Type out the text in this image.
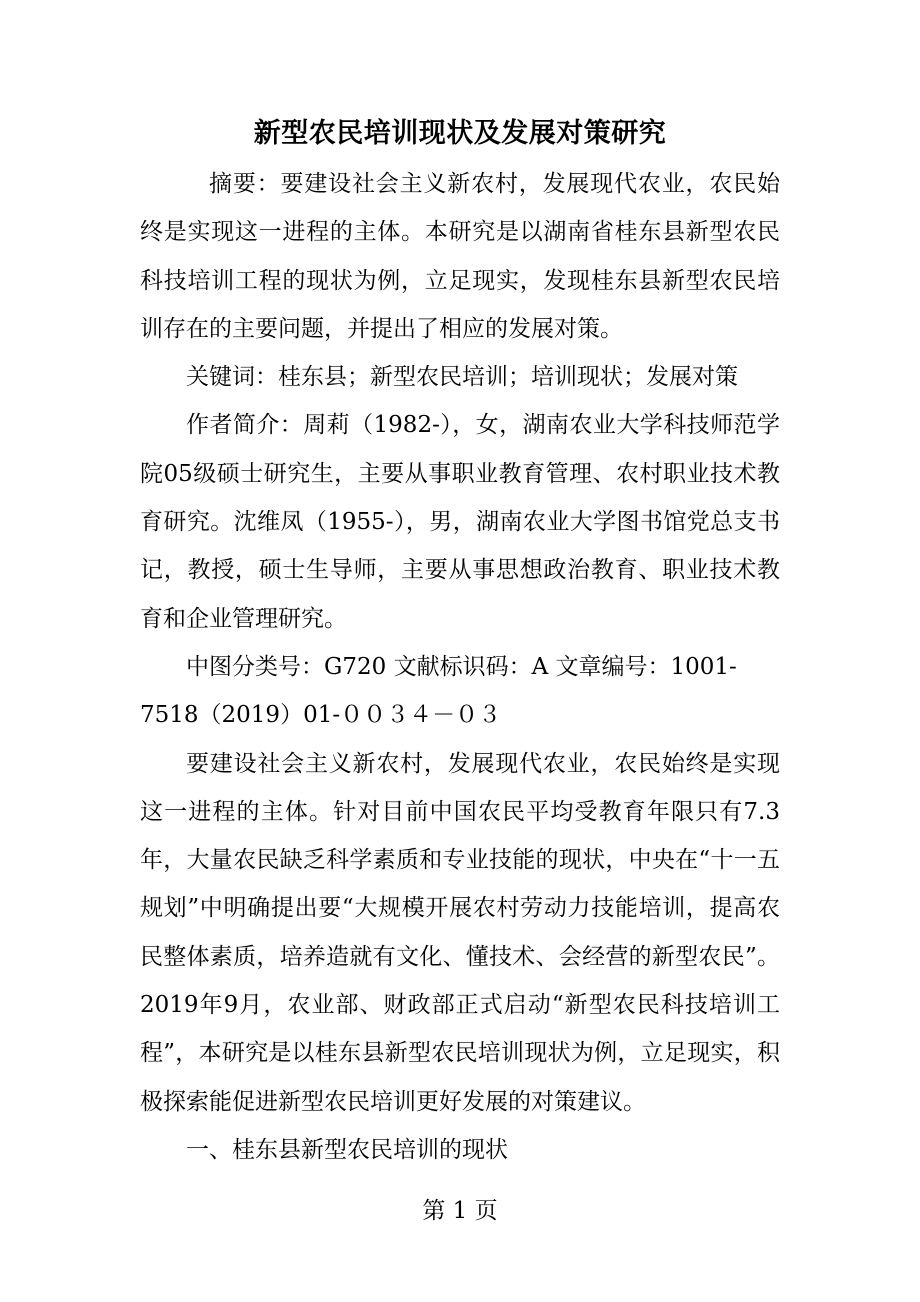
新型农民培训现状及发展对策研究

摘要：要建设社会主义新农村，发展现代农业，农民始终是实现这一进程的主体。本研究是以湖南省桂东县新型农民科技培训工程的现状为例，立足现实，发现桂东县新型农民培训存在的主要问题，并提出了相应的发展对策。

关键词：桂东县；新型农民培训；培训现状；发展对策

作者简介：周莉（1982-），女，湖南农业大学科技师范学院05级硕士研究生，主要从事职业教育管理、农村职业技术教育研究。沈维凤（1955-），男，湖南农业大学图书馆党总支书记，教授，硕士生导师，主要从事思想政治教育、职业技术教育和企业管理研究。

中图分类号：G720 文献标识码：A 文章编号：1001-

7518（2019）01-００３４－０３

要建设社会主义新农村，发展现代农业，农民始终是实现这一进程的主体。针对目前中国农民平均受教育年限只有7.3年，大量农民缺乏科学素质和专业技能的现状，中央在“十一五规划”中明确提出要“大规模开展农村劳动力技能培训，提高农民整体素质，培养造就有文化、懂技术、会经营的新型农民”。2019年9月，农业部、财政部正式启动“新型农民科技培训工程”，本研究是以桂东县新型农民培训现状为例，立足现实，积极探索能促进新型农民培训更好发展的对策建议。

一、桂东县新型农民培训的现状

第 1 页
